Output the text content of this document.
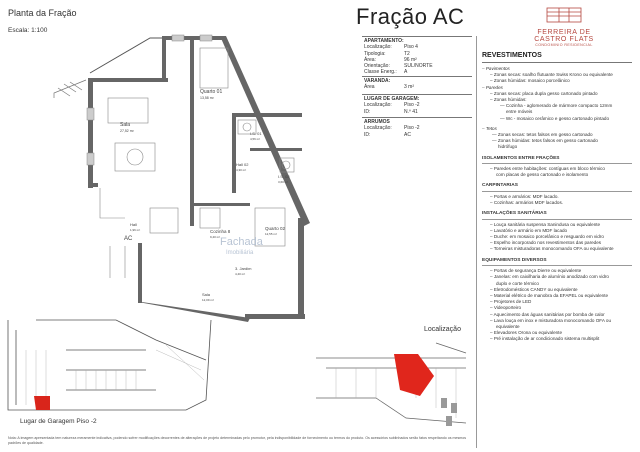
Planta da Fração
Escala: 1:100
Fração AC
FERREIRA DE CASTRO FLATS
CONDOMINIO RESIDENCIAL
APARTAMENTO:
Localização:	Piso 4
Tipologia:	T2
Área:	96 m²
Orientação:	SUL/NORTE
Classe Energ.:	A
VARANDA:
Área	3 m²
LUGAR DE GARAGEM:
Localização:	Piso -2
ID:	N.º 41
ARRUMOS
Localização:	Piso -2
ID:	AC
REVESTIMENTOS
– Pavimentos
– Zonas secas: soalho flutuante Swiss Krono ou equivalente
– Zonas húmidas: mosaico porcelânico
– Paredes
– Zonas secas: placa dupla gesso cartonado pintado
– Zonas húmidas:
— Cozinha - aglomerado de mármore compacto 12mm
entre móveis
— Wc - mosaico cerâmico e gesso cartonado pintado
– Tetos
— Zonas secas: tetos falsos em gesso cartonado
— Zonas húmidas: tetos falsos em gesso cartonado
hidrófugo
ISOLAMENTOS ENTRE FRAÇÕES
– Paredes entre habitações: contíguas em bloco térmico
com placas de gesso cartonado e isolamento
CARPINTARIAS
– Portas e armários: MDF lacado.
– Cozinhas: armários MDF lacados.
INSTALAÇÕES SANITÁRIAS
– Louça sanitária suspensa Sanindusa ou equivalente
– Lavatório e armário em MDF lacado
– Duche: em mosaico porcelânico e resguardo em vidro
– Espelho incorporado nos revestimentos das paredes
– Torneiras misturadoras monocomando OFA ou equivalente
EQUIPAMENTOS DIVERSOS
– Portas de segurança Dierre ou equivalente
– Janelas: em caixilharia de alumínio anodizado com vidro
duplo e corte térmico
– Eletrodomésticos CANDY ou equivalente
– Material elétrico de manobra da EFAPEL ou equivalente
– Projetores de LED
– Videoporteiro
– Aquecimento das águas sanitárias por bomba de calor
– Lava louça em inox e misturadora monocomando OFA ou
equivalente
– Elevadores Orona ou equivalente
– Pré instalação de ar condicionado sistema multisplit
Sala
27,52 m²
Quarto 01
13,58 m²
I.S. 01
4,56 m²
I.S. 02
3,60 m²
Hall 02
4,30 m²
Cozinha 8
9,40 m²
Quarto 02
12,55 m²
Hall
1,96 m²
3. Jardim
4,40 m²
Sala
12,09 m²
AC	Fachada
Imobiliária
Lugar de Garagem Piso -2
Localização
Nota: A imagem apresentada tem natureza meramente indicativa, podendo sofrer modificações decorrentes de alterações de projeto determinadas pelo promotor, pela indisponibilidade de fornecimento ou termos do produto. Os acessórios sublinhados serão fatos respeitando os mesmos padrões de qualidade.
